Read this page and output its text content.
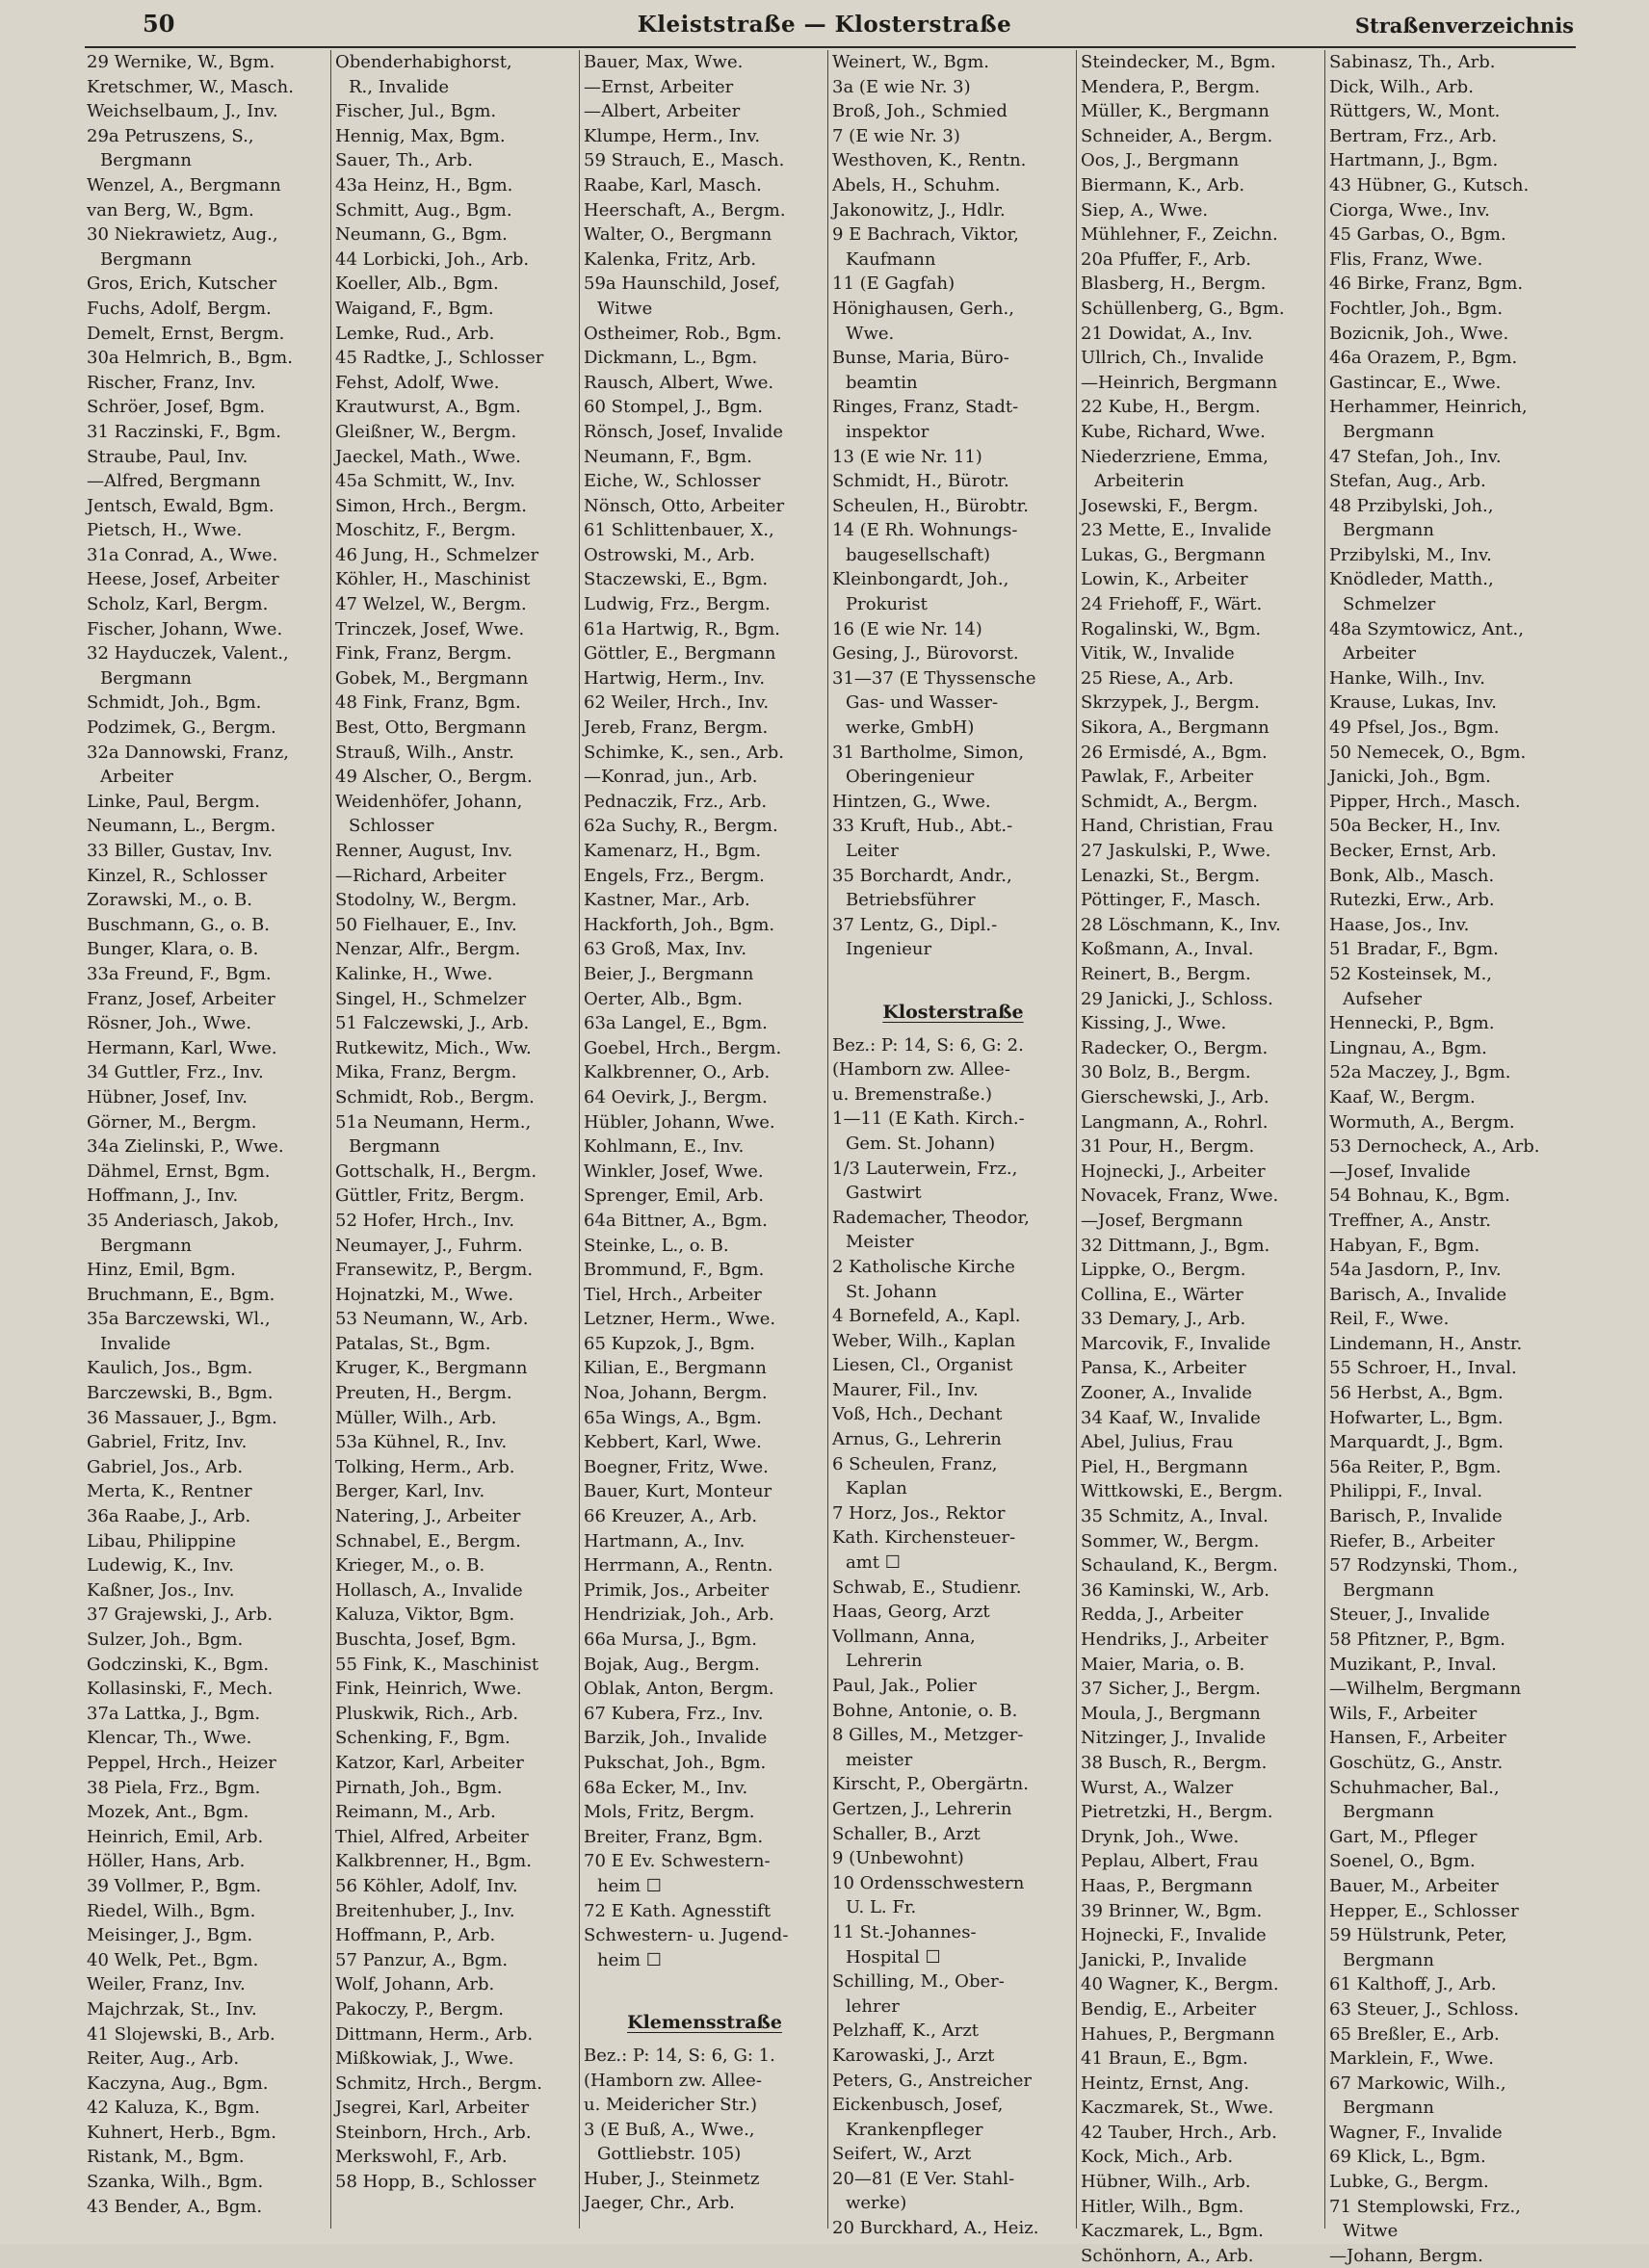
50	Kleiststraße — Klosterstraße	Straßenverzeichnis
29 Wernike, W., Bgm.
Kretschmer, W., Masch.
Weichselbaum, J., Inv.
29a Petruszens, S.,
Bergmann
Wenzel, A., Bergmann
van Berg, W., Bgm.
30 Niekrawietz, Aug.,
Bergmann
Gros, Erich, Kutscher
Fuchs, Adolf, Bergm.
Demelt, Ernst, Bergm.
30a Helmrich, B., Bgm.
Rischer, Franz, Inv.
Schröer, Josef, Bgm.
31 Raczinski, F., Bgm.
Straube, Paul, Inv.
—Alfred, Bergmann
Jentsch, Ewald, Bgm.
Pietsch, H., Wwe.
31a Conrad, A., Wwe.
Heese, Josef, Arbeiter
Scholz, Karl, Bergm.
Fischer, Johann, Wwe.
32 Hayduczek, Valent.,
Bergmann
Schmidt, Joh., Bgm.
Podzimek, G., Bergm.
32a Dannowski, Franz,
Arbeiter
Linke, Paul, Bergm.
Neumann, L., Bergm.
33 Biller, Gustav, Inv.
Kinzel, R., Schlosser
Zorawski, M., o. B.
Buschmann, G., o. B.
Bunger, Klara, o. B.
33a Freund, F., Bgm.
Franz, Josef, Arbeiter
Rösner, Joh., Wwe.
Hermann, Karl, Wwe.
34 Guttler, Frz., Inv.
Hübner, Josef, Inv.
Görner, M., Bergm.
34a Zielinski, P., Wwe.
Dähmel, Ernst, Bgm.
Hoffmann, J., Inv.
35 Anderiasch, Jakob,
Bergmann
Hinz, Emil, Bgm.
Bruchmann, E., Bgm.
35a Barczewski, Wl.,
Invalide
Kaulich, Jos., Bgm.
Barczewski, B., Bgm.
36 Massauer, J., Bgm.
Gabriel, Fritz, Inv.
Gabriel, Jos., Arb.
Merta, K., Rentner
36a Raabe, J., Arb.
Libau, Philippine
Ludewig, K., Inv.
Kaßner, Jos., Inv.
37 Grajewski, J., Arb.
Sulzer, Joh., Bgm.
Godczinski, K., Bgm.
Kollasinski, F., Mech.
37a Lattka, J., Bgm.
Klencar, Th., Wwe.
Peppel, Hrch., Heizer
38 Piela, Frz., Bgm.
Mozek, Ant., Bgm.
Heinrich, Emil, Arb.
Höller, Hans, Arb.
39 Vollmer, P., Bgm.
Riedel, Wilh., Bgm.
Meisinger, J., Bgm.
40 Welk, Pet., Bgm.
Weiler, Franz, Inv.
Majchrzak, St., Inv.
41 Slojewski, B., Arb.
Reiter, Aug., Arb.
Kaczyna, Aug., Bgm.
42 Kaluza, K., Bgm.
Kuhnert, Herb., Bgm.
Ristank, M., Bgm.
Szanka, Wilh., Bgm.
43 Bender, A., Bgm.
Obenderhabighorst,
R., Invalide
Fischer, Jul., Bgm.
Hennig, Max, Bgm.
Sauer, Th., Arb.
43a Heinz, H., Bgm.
Schmitt, Aug., Bgm.
Neumann, G., Bgm.
44 Lorbicki, Joh., Arb.
Koeller, Alb., Bgm.
Waigand, F., Bgm.
Lemke, Rud., Arb.
45 Radtke, J., Schlosser
Fehst, Adolf, Wwe.
Krautwurst, A., Bgm.
Gleißner, W., Bergm.
Jaeckel, Math., Wwe.
45a Schmitt, W., Inv.
Simon, Hrch., Bergm.
Moschitz, F., Bergm.
46 Jung, H., Schmelzer
Köhler, H., Maschinist
47 Welzel, W., Bergm.
Trinczek, Josef, Wwe.
Fink, Franz, Bergm.
Gobek, M., Bergmann
48 Fink, Franz, Bgm.
Best, Otto, Bergmann
Strauß, Wilh., Anstr.
49 Alscher, O., Bergm.
Weidenhöfer, Johann,
Schlosser
Renner, August, Inv.
—Richard, Arbeiter
Stodolny, W., Bergm.
50 Fielhauer, E., Inv.
Nenzar, Alfr., Bergm.
Kalinke, H., Wwe.
Singel, H., Schmelzer
51 Falczewski, J., Arb.
Rutkewitz, Mich., Ww.
Mika, Franz, Bergm.
Schmidt, Rob., Bergm.
51a Neumann, Herm.,
Bergmann
Gottschalk, H., Bergm.
Güttler, Fritz, Bergm.
52 Hofer, Hrch., Inv.
Neumayer, J., Fuhrm.
Fransewitz, P., Bergm.
Hojnatzki, M., Wwe.
53 Neumann, W., Arb.
Patalas, St., Bgm.
Kruger, K., Bergmann
Preuten, H., Bergm.
Müller, Wilh., Arb.
53a Kühnel, R., Inv.
Tolking, Herm., Arb.
Berger, Karl, Inv.
Natering, J., Arbeiter
Schnabel, E., Bergm.
Krieger, M., o. B.
Hollasch, A., Invalide
Kaluza, Viktor, Bgm.
Buschta, Josef, Bgm.
55 Fink, K., Maschinist
Fink, Heinrich, Wwe.
Pluskwik, Rich., Arb.
Schenking, F., Bgm.
Katzor, Karl, Arbeiter
Pirnath, Joh., Bgm.
Reimann, M., Arb.
Thiel, Alfred, Arbeiter
Kalkbrenner, H., Bgm.
56 Köhler, Adolf, Inv.
Breitenhuber, J., Inv.
Hoffmann, P., Arb.
57 Panzur, A., Bgm.
Wolf, Johann, Arb.
Pakoczy, P., Bergm.
Dittmann, Herm., Arb.
Mißkowiak, J., Wwe.
Schmitz, Hrch., Bergm.
Jsegrei, Karl, Arbeiter
Steinborn, Hrch., Arb.
Merkswohl, F., Arb.
58 Hopp, B., Schlosser
Bauer, Max, Wwe.
—Ernst, Arbeiter
—Albert, Arbeiter
Klumpe, Herm., Inv.
59 Strauch, E., Masch.
Raabe, Karl, Masch.
Heerschaft, A., Bergm.
Walter, O., Bergmann
Kalenka, Fritz, Arb.
59a Haunschild, Josef,
Witwe
Ostheimer, Rob., Bgm.
Dickmann, L., Bgm.
Rausch, Albert, Wwe.
60 Stompel, J., Bgm.
Rönsch, Josef, Invalide
Neumann, F., Bgm.
Eiche, W., Schlosser
Nönsch, Otto, Arbeiter
61 Schlittenbauer, X.,
Ostrowski, M., Arb.
Staczewski, E., Bgm.
Ludwig, Frz., Bergm.
61a Hartwig, R., Bgm.
Göttler, E., Bergmann
Hartwig, Herm., Inv.
62 Weiler, Hrch., Inv.
Jereb, Franz, Bergm.
Schimke, K., sen., Arb.
—Konrad, jun., Arb.
Pednaczik, Frz., Arb.
62a Suchy, R., Bergm.
Kamenarz, H., Bgm.
Engels, Frz., Bergm.
Kastner, Mar., Arb.
Hackforth, Joh., Bgm.
63 Groß, Max, Inv.
Beier, J., Bergmann
Oerter, Alb., Bgm.
63a Langel, E., Bgm.
Goebel, Hrch., Bergm.
Kalkbrenner, O., Arb.
64 Oevirk, J., Bergm.
Hübler, Johann, Wwe.
Kohlmann, E., Inv.
Winkler, Josef, Wwe.
Sprenger, Emil, Arb.
64a Bittner, A., Bgm.
Steinke, L., o. B.
Brommund, F., Bgm.
Tiel, Hrch., Arbeiter
Letzner, Herm., Wwe.
65 Kupzok, J., Bgm.
Kilian, E., Bergmann
Noa, Johann, Bergm.
65a Wings, A., Bgm.
Kebbert, Karl, Wwe.
Boegner, Fritz, Wwe.
Bauer, Kurt, Monteur
66 Kreuzer, A., Arb.
Hartmann, A., Inv.
Herrmann, A., Rentn.
Primik, Jos., Arbeiter
Hendriziak, Joh., Arb.
66a Mursa, J., Bgm.
Bojak, Aug., Bergm.
Oblak, Anton, Bergm.
67 Kubera, Frz., Inv.
Barzik, Joh., Invalide
Pukschat, Joh., Bgm.
68a Ecker, M., Inv.
Mols, Fritz, Bergm.
Breiter, Franz, Bgm.
70 E Ev. Schwestern-
heim ☐
72 E Kath. Agnesstift
Schwestern- u. Jugend-
heim ☐
Klemensstraße
Bez.: P: 14, S: 6, G: 1.
(Hamborn zw. Allee-
u. Meidericher Str.)
3 (E Buß, A., Wwe.,
Gottliebstr. 105)
Huber, J., Steinmetz
Jaeger, Chr., Arb.
Weinert, W., Bgm.
3a (E wie Nr. 3)
Broß, Joh., Schmied
7 (E wie Nr. 3)
Westhoven, K., Rentn.
Abels, H., Schuhm.
Jakonowitz, J., Hdlr.
9 E Bachrach, Viktor,
Kaufmann
11 (E Gagfah)
Hönighausen, Gerh.,
Wwe.
Bunse, Maria, Büro-
beamtin
Ringes, Franz, Stadt-
inspektor
13 (E wie Nr. 11)
Schmidt, H., Bürotr.
Scheulen, H., Bürobtr.
14 (E Rh. Wohnungs-
baugesellschaft)
Kleinbongardt, Joh.,
Prokurist
16 (E wie Nr. 14)
Gesing, J., Bürovorst.
31—37 (E Thyssensche
Gas- und Wasser-
werke, GmbH)
31 Bartholme, Simon,
Oberingenieur
Hintzen, G., Wwe.
33 Kruft, Hub., Abt.-
Leiter
35 Borchardt, Andr.,
Betriebsführer
37 Lentz, G., Dipl.-
Ingenieur
Klosterstraße
Bez.: P: 14, S: 6, G: 2.
(Hamborn zw. Allee-
u. Bremenstraße.)
1—11 (E Kath. Kirch.-
Gem. St. Johann)
1/3 Lauterwein, Frz.,
Gastwirt
Rademacher, Theodor,
Meister
2 Katholische Kirche
St. Johann
4 Bornefeld, A., Kapl.
Weber, Wilh., Kaplan
Liesen, Cl., Organist
Maurer, Fil., Inv.
Voß, Hch., Dechant
Arnus, G., Lehrerin
6 Scheulen, Franz,
Kaplan
7 Horz, Jos., Rektor
Kath. Kirchensteuer-
amt ☐
Schwab, E., Studienr.
Haas, Georg, Arzt
Vollmann, Anna,
Lehrerin
Paul, Jak., Polier
Bohne, Antonie, o. B.
8 Gilles, M., Metzger-
meister
Kirscht, P., Obergärtn.
Gertzen, J., Lehrerin
Schaller, B., Arzt
9 (Unbewohnt)
10 Ordensschwestern
U. L. Fr.
11 St.-Johannes-
Hospital ☐
Schilling, M., Ober-
lehrer
Pelzhaff, K., Arzt
Karowaski, J., Arzt
Peters, G., Anstreicher
Eickenbusch, Josef,
Krankenpfleger
Seifert, W., Arzt
20—81 (E Ver. Stahl-
werke)
20 Burckhard, A., Heiz.
Steindecker, M., Bgm.
Mendera, P., Bergm.
Müller, K., Bergmann
Schneider, A., Bergm.
Oos, J., Bergmann
Biermann, K., Arb.
Siep, A., Wwe.
Mühlehner, F., Zeichn.
20a Pfuffer, F., Arb.
Blasberg, H., Bergm.
Schüllenberg, G., Bgm.
21 Dowidat, A., Inv.
Ullrich, Ch., Invalide
—Heinrich, Bergmann
22 Kube, H., Bergm.
Kube, Richard, Wwe.
Niederzriene, Emma,
Arbeiterin
Josewski, F., Bergm.
23 Mette, E., Invalide
Lukas, G., Bergmann
Lowin, K., Arbeiter
24 Friehoff, F., Wärt.
Rogalinski, W., Bgm.
Vitik, W., Invalide
25 Riese, A., Arb.
Skrzypek, J., Bergm.
Sikora, A., Bergmann
26 Ermisdé, A., Bgm.
Pawlak, F., Arbeiter
Schmidt, A., Bergm.
Hand, Christian, Frau
27 Jaskulski, P., Wwe.
Lenazki, St., Bergm.
Pöttinger, F., Masch.
28 Löschmann, K., Inv.
Koßmann, A., Inval.
Reinert, B., Bergm.
29 Janicki, J., Schloss.
Kissing, J., Wwe.
Radecker, O., Bergm.
30 Bolz, B., Bergm.
Gierschewski, J., Arb.
Langmann, A., Rohrl.
31 Pour, H., Bergm.
Hojnecki, J., Arbeiter
Novacek, Franz, Wwe.
—Josef, Bergmann
32 Dittmann, J., Bgm.
Lippke, O., Bergm.
Collina, E., Wärter
33 Demary, J., Arb.
Marcovik, F., Invalide
Pansa, K., Arbeiter
Zooner, A., Invalide
34 Kaaf, W., Invalide
Abel, Julius, Frau
Piel, H., Bergmann
Wittkowski, E., Bergm.
35 Schmitz, A., Inval.
Sommer, W., Bergm.
Schauland, K., Bergm.
36 Kaminski, W., Arb.
Redda, J., Arbeiter
Hendriks, J., Arbeiter
Maier, Maria, o. B.
37 Sicher, J., Bergm.
Moula, J., Bergmann
Nitzinger, J., Invalide
38 Busch, R., Bergm.
Wurst, A., Walzer
Pietretzki, H., Bergm.
Drynk, Joh., Wwe.
Peplau, Albert, Frau
Haas, P., Bergmann
39 Brinner, W., Bgm.
Hojnecki, F., Invalide
Janicki, P., Invalide
40 Wagner, K., Bergm.
Bendig, E., Arbeiter
Hahues, P., Bergmann
41 Braun, E., Bgm.
Heintz, Ernst, Ang.
Kaczmarek, St., Wwe.
42 Tauber, Hrch., Arb.
Kock, Mich., Arb.
Hübner, Wilh., Arb.
Hitler, Wilh., Bgm.
Kaczmarek, L., Bgm.
Schönhorn, A., Arb.
Sabinasz, Th., Arb.
Dick, Wilh., Arb.
Rüttgers, W., Mont.
Bertram, Frz., Arb.
Hartmann, J., Bgm.
43 Hübner, G., Kutsch.
Ciorga, Wwe., Inv.
45 Garbas, O., Bgm.
Flis, Franz, Wwe.
46 Birke, Franz, Bgm.
Fochtler, Joh., Bgm.
Bozicnik, Joh., Wwe.
46a Orazem, P., Bgm.
Gastincar, E., Wwe.
Herhammer, Heinrich,
Bergmann
47 Stefan, Joh., Inv.
Stefan, Aug., Arb.
48 Przibylski, Joh.,
Bergmann
Przibylski, M., Inv.
Knödleder, Matth.,
Schmelzer
48a Szymtowicz, Ant.,
Arbeiter
Hanke, Wilh., Inv.
Krause, Lukas, Inv.
49 Pfsel, Jos., Bgm.
50 Nemecek, O., Bgm.
Janicki, Joh., Bgm.
Pipper, Hrch., Masch.
50a Becker, H., Inv.
Becker, Ernst, Arb.
Bonk, Alb., Masch.
Rutezki, Erw., Arb.
Haase, Jos., Inv.
51 Bradar, F., Bgm.
52 Kosteinsek, M.,
Aufseher
Hennecki, P., Bgm.
Lingnau, A., Bgm.
52a Maczey, J., Bgm.
Kaaf, W., Bergm.
Wormuth, A., Bergm.
53 Dernocheck, A., Arb.
—Josef, Invalide
54 Bohnau, K., Bgm.
Treffner, A., Anstr.
Habyan, F., Bgm.
54a Jasdorn, P., Inv.
Barisch, A., Invalide
Reil, F., Wwe.
Lindemann, H., Anstr.
55 Schroer, H., Inval.
56 Herbst, A., Bgm.
Hofwarter, L., Bgm.
Marquardt, J., Bgm.
56a Reiter, P., Bgm.
Philippi, F., Inval.
Barisch, P., Invalide
Riefer, B., Arbeiter
57 Rodzynski, Thom.,
Bergmann
Steuer, J., Invalide
58 Pfitzner, P., Bgm.
Muzikant, P., Inval.
—Wilhelm, Bergmann
Wils, F., Arbeiter
Hansen, F., Arbeiter
Goschütz, G., Anstr.
Schuhmacher, Bal.,
Bergmann
Gart, M., Pfleger
Soenel, O., Bgm.
Bauer, M., Arbeiter
Hepper, E., Schlosser
59 Hülstrunk, Peter,
Bergmann
61 Kalthoff, J., Arb.
63 Steuer, J., Schloss.
65 Breßler, E., Arb.
Marklein, F., Wwe.
67 Markowic, Wilh.,
Bergmann
Wagner, F., Invalide
69 Klick, L., Bgm.
Lubke, G., Bergm.
71 Stemplowski, Frz.,
Witwe
—Johann, Bergm.
